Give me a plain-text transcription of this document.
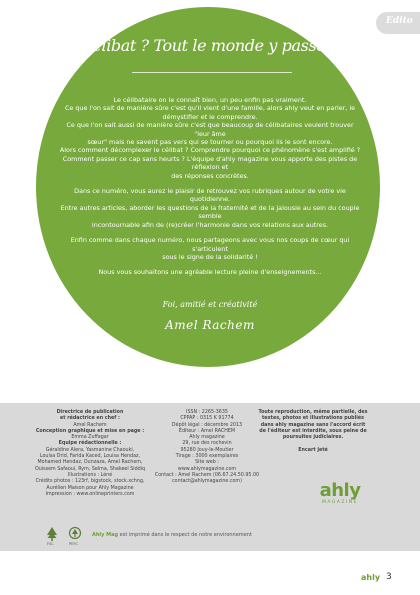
Edito
Célibat ? Tout le monde y passe...

Le célibataire on le connaît bien, un peu enfin pas vraiment.
Ce que l'on sait de manière sûre c'est qu'il vient d'une famille, alors ahly veut en parler, le
démystifier et le comprendre.
Ce que l'on sait aussi de manière sûre c'est que beaucoup de célibataires veulent trouver "leur âme
sœur" mais ne savent pas vers qui se tourner ou pourquoi ils le sont encore.
Alors comment décomplexer le célibat ? Comprendre pourquoi ce phénomène s'est amplifié ?
Comment passer ce cap sans heurts ? L'équipe d'ahly magazine vous apporte des pistes de réflexion et
des réponses concrètes.

Dans ce numéro, vous aurez le plaisir de retrouvez vos rubriques autour de votre vie quotidienne.
Entre autres articles, aborder les questions de la fraternité et de la jalousie au sein du couple semble
incontournable afin de (re)créer l'harmonie dans vos relations aux autres.

Enfin comme dans chaque numéro, nous partageons avec vous nos coups de cœur qui s'articulent
sous le signe de la solidarité !

Nous vous souhaitons une agréable lecture pleine d'enseignements...

Foi, amitié et créativité
Amel Rachem
Directrice de publication
et rédactrice en chef :
Amel Rachem
Conception graphique et mise en page :
Emma Zuffagar
Equipe rédactionnelle :
Géraldine Alera, Yasmanine Chaouki,
Louisa Drid, Farida Kaced, Louisa Hendaz,
Mohamed Hendaz, Ounzaza, Amel Rachem,
Ouissem Safaoui, Rym, Selma, Shakeel Siddiq
Illustrations : Léné
Crédits photos : 123rf, bigstock, stock.xchng,
Aurélien Maison pour Ahly Magazine
Impression : www.onlineprinters.com
ISSN : 2265-3635
CPPAP : 0315 K 91774
Dépôt légal : décembre 2013
Éditeur : Amel RACHEM
Ahly magazine
29, rue des rochevin
95280 Jouy-le-Moutier
Tirage : 3000 exemplaires
Site web :
www.ahlymagazine.com
Contact : Amel Rachem (06.67.24.50.95.00
contact@ahlymagazine.com)
Toute reproduction, même partielle, des
textes, photos et illustrations publiés
dans ahly magazine sans l'accord écrit
de l'éditeur est interdite, sous peine de
poursuites judiciaires.

Encart jeté
ahly
MAGAZINE
FSC	PEFC
Ahly Mag est imprimé dans le respect de notre environnement
ahly 3
